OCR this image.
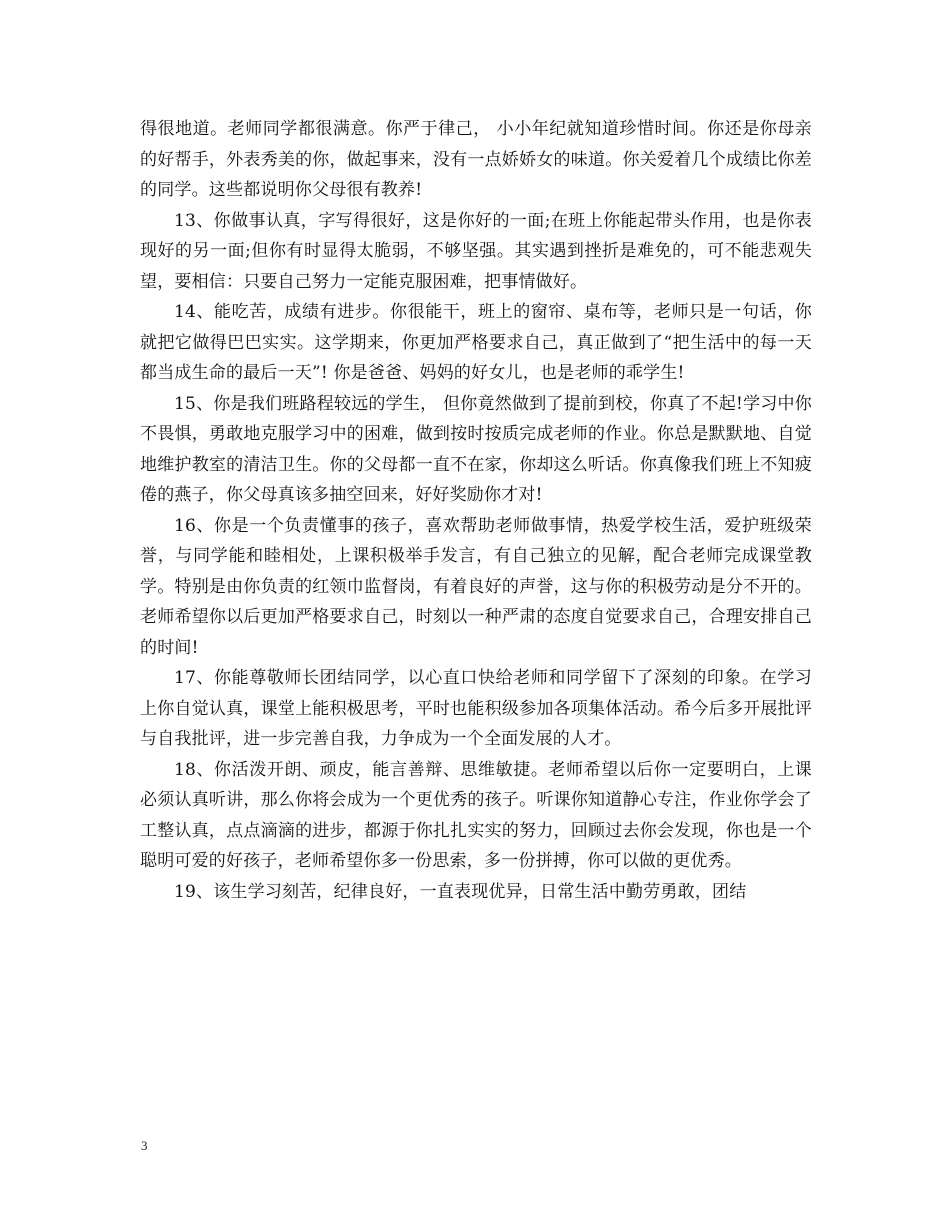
得很地道。老师同学都很满意。你严于律己， 小小年纪就知道珍惜时间。你还是你母亲的好帮手，外表秀美的你，做起事来，没有一点娇娇女的味道。你关爱着几个成绩比你差的同学。这些都说明你父母很有教养!

13、你做事认真，字写得很好，这是你好的一面;在班上你能起带头作用，也是你表现好的另一面;但你有时显得太脆弱，不够坚强。其实遇到挫折是难免的，可不能悲观失望，要相信：只要自己努力一定能克服困难，把事情做好。

14、能吃苦，成绩有进步。你很能干，班上的窗帘、桌布等，老师只是一句话，你就把它做得巴巴实实。这学期来，你更加严格要求自己，真正做到了“把生活中的每一天都当成生命的最后一天”! 你是爸爸、妈妈的好女儿，也是老师的乖学生!

15、你是我们班路程较远的学生， 但你竟然做到了提前到校，你真了不起!学习中你不畏惧，勇敢地克服学习中的困难，做到按时按质完成老师的作业。你总是默默地、自觉地维护教室的清洁卫生。你的父母都一直不在家，你却这么听话。你真像我们班上不知疲倦的燕子，你父母真该多抽空回来，好好奖励你才对!

16、你是一个负责懂事的孩子，喜欢帮助老师做事情，热爱学校生活，爱护班级荣誉，与同学能和睦相处，上课积极举手发言，有自己独立的见解，配合老师完成课堂教学。特别是由你负责的红领巾监督岗，有着良好的声誉，这与你的积极劳动是分不开的。老师希望你以后更加严格要求自己，时刻以一种严肃的态度自觉要求自己，合理安排自己的时间!

17、你能尊敬师长团结同学，以心直口快给老师和同学留下了深刻的印象。在学习上你自觉认真，课堂上能积极思考，平时也能积级参加各项集体活动。希今后多开展批评与自我批评，进一步完善自我，力争成为一个全面发展的人才。

18、你活泼开朗、顽皮，能言善辩、思维敏捷。老师希望以后你一定要明白，上课必须认真听讲，那么你将会成为一个更优秀的孩子。听课你知道静心专注，作业你学会了工整认真，点点滴滴的进步，都源于你扎扎实实的努力，回顾过去你会发现，你也是一个聪明可爱的好孩子，老师希望你多一份思索，多一份拼搏，你可以做的更优秀。

19、该生学习刻苦，纪律良好，一直表现优异，日常生活中勤劳勇敢，团结

3
